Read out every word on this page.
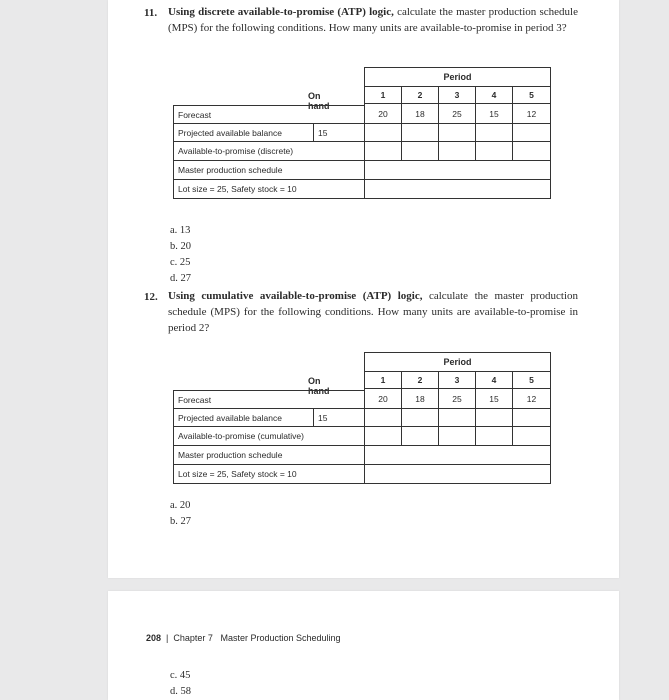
11. Using discrete available-to-promise (ATP) logic, calculate the master production schedule (MPS) for the following conditions. How many units are available-to-promise in period 3?
Period
On hand
1	2	3	4	5
Forecast	20	18	25	15	12
Projected available balance	15
Available-to-promise (discrete)
Master production schedule
Lot size = 25, Safety stock = 10
a. 13
b. 20
c. 25
d. 27
12. Using cumulative available-to-promise (ATP) logic, calculate the master production schedule (MPS) for the following conditions. How many units are available-to-promise in period 2?
Period
On hand
1	2	3	4	5
Forecast	20	18	25	15	12
Projected available balance	15
Available-to-promise (cumulative)
Master production schedule
Lot size = 25, Safety stock = 10
a. 20
b. 27
208 | Chapter 7 Master Production Scheduling
c. 45
d. 58
